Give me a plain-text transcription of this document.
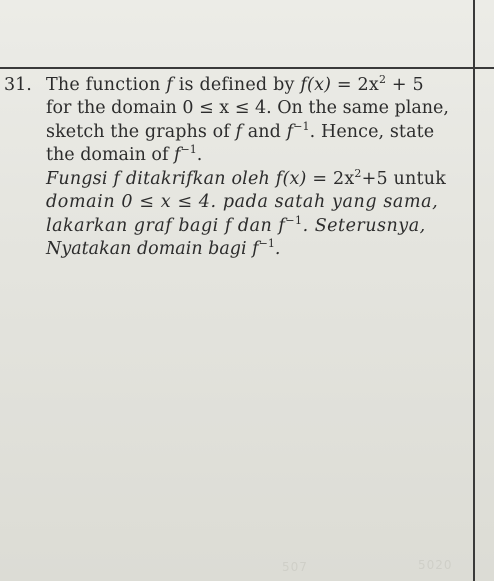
31. The function f is defined by $f(x) = 2x^2 + 5$
for the domain 0 ≤ x ≤ 4. On the same plane,
sketch the graphs of f and $f^{-1}$. Hence, state
the domain of $f^{-1}$.
Fungsi f ditakrifkan oleh $f(x) = 2x^2+5$ untuk
domain 0 ≤ x ≤ 4. pada satah yang sama,
lakarkan graf bagi f dan $f^{-1}$. Seterusnya,
Nyatakan domain bagi $f^{-1}$.
507	5020
